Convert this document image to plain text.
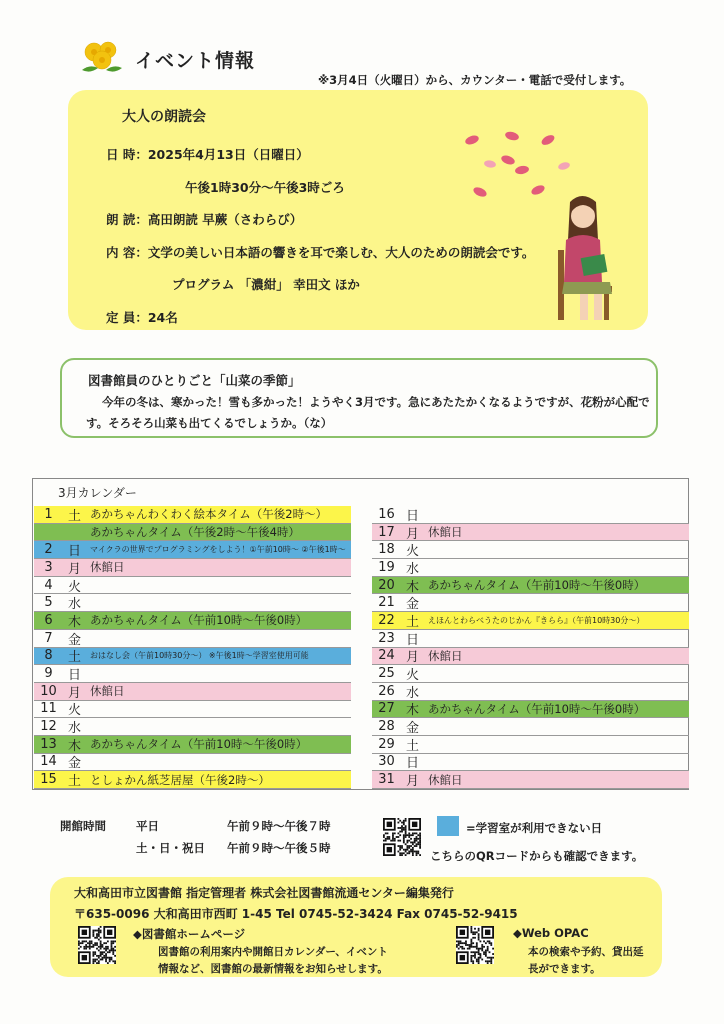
イベント情報
※3月4日（火曜日）から、カウンター・電話で受付します。
大人の朗読会
日 時：2025年4月13日（日曜日）
午後1時30分～午後3時ごろ
朗 読：高田朗読 早蕨（さわらび）
内 容：文学の美しい日本語の響きを耳で楽しむ、大人のための朗読会です。
プログラム 「濃紺」 幸田文 ほか
定 員：24名
図書館員のひとりごと「山菜の季節」
今年の冬は、寒かった！雪も多かった！ようやく3月です。急にあたたかくなるようですが、花粉が心配です。そろそろ山菜も出てくるでしょうか。（な）
3月カレンダー
1	土 あかちゃんわくわく絵本タイム（午後2時～）
あかちゃんタイム（午後2時～午後4時）
2	日	マイクラの世界でプログラミングをしよう！①午前10時～ ②午後1時～
3	月 休館日
4	火
5	水
6	木 あかちゃんタイム（午前10時～午後0時）
7	金
8	土	おはなし会（午前10時30分～） ※午後1時～学習室使用可能
9	日
10 月 休館日
11 火
12 水
13 木 あかちゃんタイム（午前10時～午後0時）
14 金
15 土 としょかん紙芝居屋（午後2時～）
16 日
17 月 休館日
18 火
19 水
20 木 あかちゃんタイム（午前10時～午後0時）
21 金
22 土	えほんとわらべうたのじかん『きらら』（午前10時30分～）
23 日
24 月 休館日
25 火
26 水
27 木 あかちゃんタイム（午前10時～午後0時）
28 金
29 土
30 日
31 月 休館日
開館時間	平日	午前９時～午後７時
土・日・祝日 午前９時～午後５時
=学習室が利用できない日
こちらのQRコードからも確認できます。
大和高田市立図書館 指定管理者 株式会社図書館流通センター編集発行
〒635-0096 大和高田市西町 1-45 Tel 0745-52-3424 Fax 0745-52-9415
◆図書館ホームページ
図書館の利用案内や開館日カレンダー、イベント情報など、図書館の最新情報をお知らせします。
◆Web OPAC
本の検索や予約、貸出延長ができます。
